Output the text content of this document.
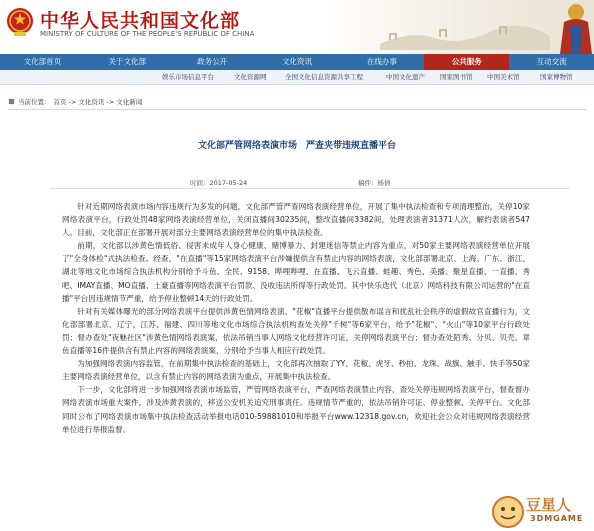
中华人民共和国文化部
MINISTRY OF CULTURE OF THE PEOPLE'S REPUBLIC OF CHINA
文化部首页	关于文化部	政务公开	文化资讯	在线办事	公共服务	互动交流
娱乐市场信息平台	文化资源网	全国文化信息资源共享工程	中国文化遗产 国家图书馆 中国美术馆	国家博物馆
当前位置： 首页 -> 文化资讯 -> 文化新闻
文化部严管网络表演市场　严查夹带违规直播平台
时间：2017-05-24	稿件：杨倩

针对近期网络表演市场内容违规行为多发的问题，文化部严管严查网络表演经营单位，开展了集中执法检查和专项清理整治，关停10家网络表演平台，行政处罚48家网络表演经营单位，关闭直播间30235间，整改直播间3382间，处理表演者31371人次，解约表演者547人。目前，文化部正在部署开展对部分主要网络表演经营单位的集中执法检查。

前期，文化部以涉黄色情低俗、侵害未成年人身心健康、赌博暴力、封建迷信等禁止内容为重点，对50家主要网络表演经营单位开展了"全身体检"式执法检查。经查，"在直播"等15家网络表演平台涉嫌提供含有禁止内容的网络表演，文化部部署北京、上海、广东、浙江、湖北等地文化市场综合执法机构分别给予斗鱼、全民、9158、哔哩哔哩、在直播、飞云直播、蛙趣、秀色、美播、聚星直播、一直播、秀吧、IMAY直播、MO直播、土豪直播等网络表演平台罚款、没收违法所得等行政处罚。其中快乐迭代（北京）网络科技有限公司运营的"在直播"平台因违规情节严重，给予停业整顿14天的行政处罚。

针对有关媒体曝光的部分网络表演平台提供涉黄色情网络表演、"花椒"直播平台提供散布谣言和扰乱社会秩序的虚假故官直播行为，文化部部署北京、辽宁、江苏、福建、四川等地文化市场综合执法机构查处关停"千树"等6家平台，给予"花椒"、"火山"等10家平台行政处罚；督办查处"夜魅社区"涉黄色情网络表演案，依法吊销当事人网络文化经营许可证，关停网络表演平台；督办查处陌秀、分贝、贝壳、章鱼直播等16件提供含有禁止内容的网络表演案，分别给予当事人相应行政处罚。

为加强网络表演内容监管，在前期集中执法检查的基础上，文化部再次抽取了YY、花椒、虎牙、秒拍、龙珠、战旗、触手、快手等50家主要网络表演经营单位，以含有禁止内容的网络表演为重点，开展集中执法检查。

下一步，文化部将进一步加强网络表演市场监管，严管网络表演平台，严查网络表演禁止内容，查处关停违规网络表演平台，督查督办网络表演市场重大案件，涉及涉黄表演的，移送公安机关追究刑事责任。违规情节严重的，依法吊销许可证、停业整顿、关停平台。文化部同时公布了网络表演市场集中执法检查活动举报电话010-59881010和举报平台www.12318.gov.cn，欢迎社会公众对违规网络表演经营单位进行举报监督。

豆星人
3DMGAME
